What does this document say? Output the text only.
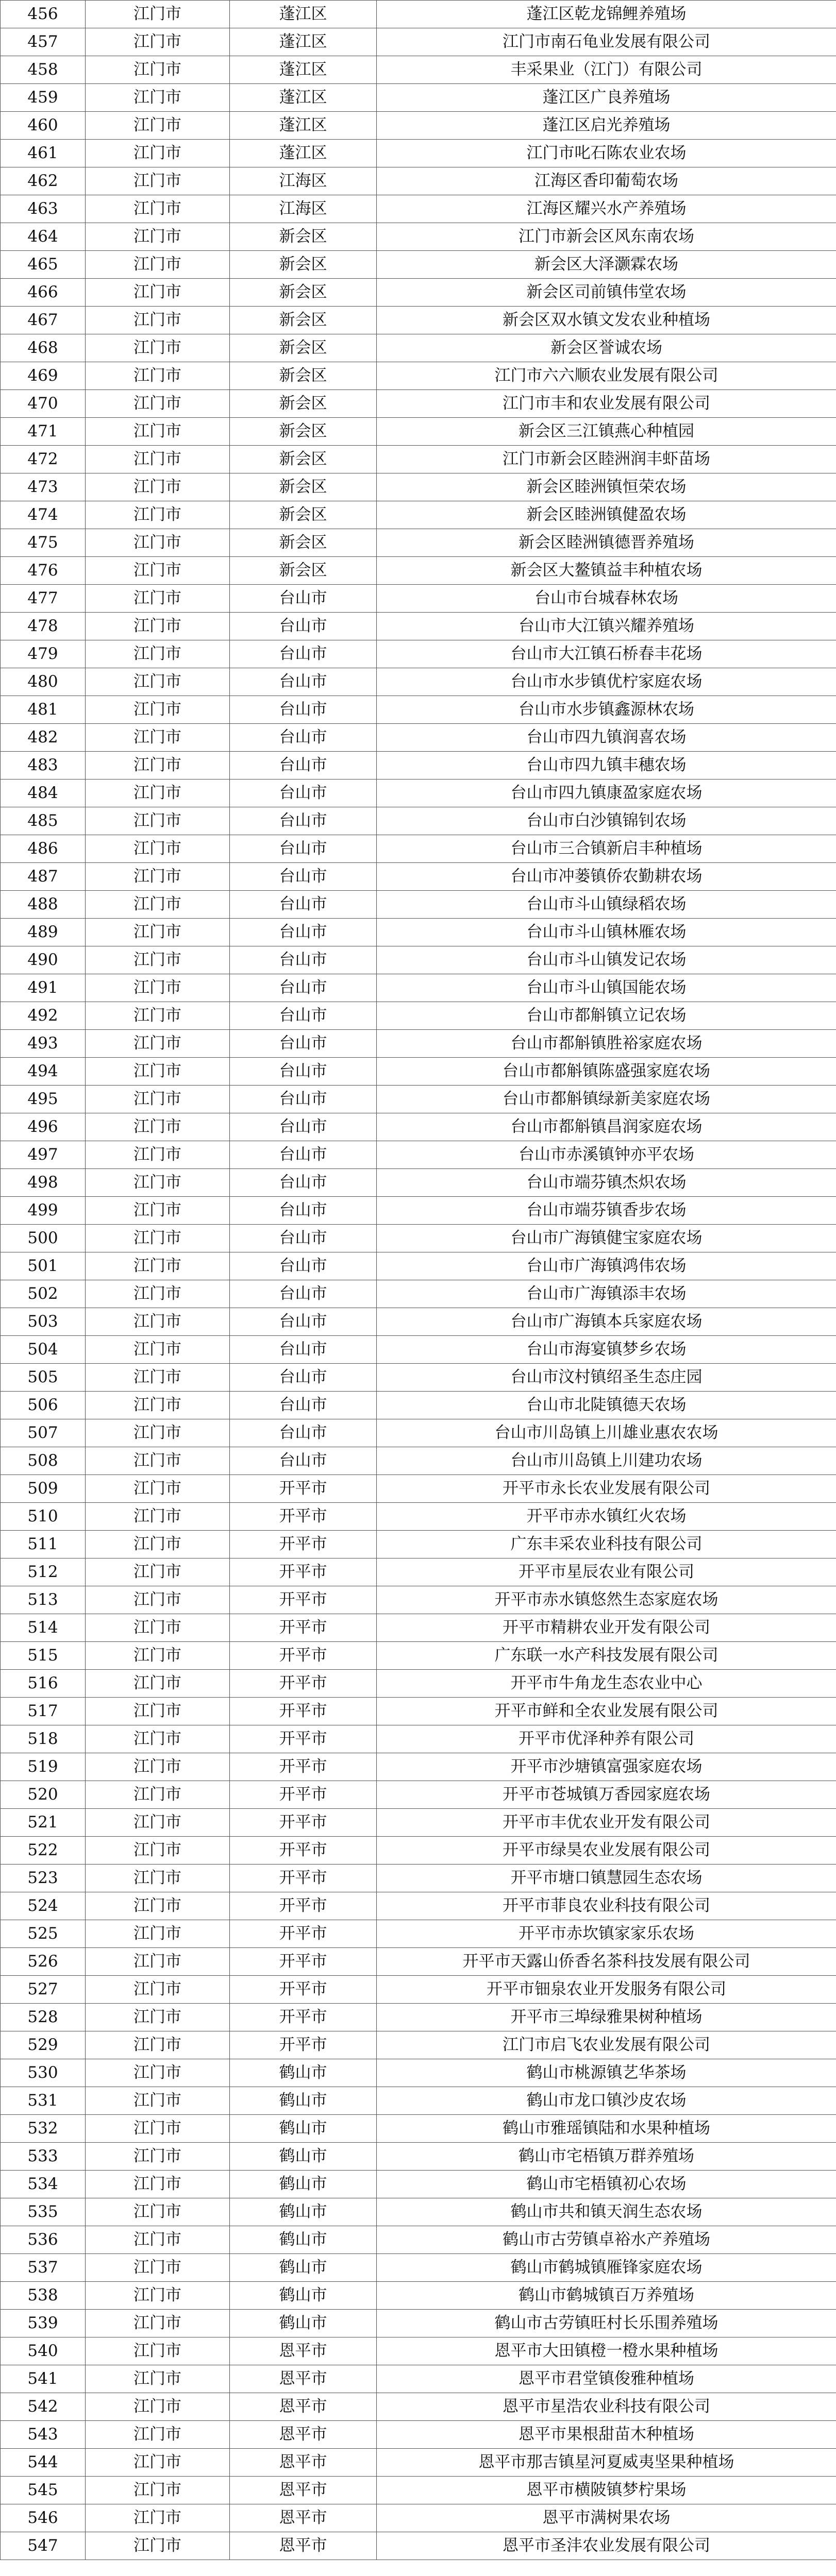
456	江门市	蓬江区	蓬江区乾龙锦鲤养殖场
457	江门市	蓬江区	江门市南石龟业发展有限公司
458	江门市	蓬江区	丰采果业（江门）有限公司
459	江门市	蓬江区	蓬江区广良养殖场
460	江门市	蓬江区	蓬江区启光养殖场
461	江门市	蓬江区	江门市叱石陈农业农场
462	江门市	江海区	江海区香印葡萄农场
463	江门市	江海区	江海区耀兴水产养殖场
464	江门市	新会区	江门市新会区风东南农场
465	江门市	新会区	新会区大泽灏霖农场
466	江门市	新会区	新会区司前镇伟堂农场
467	江门市	新会区	新会区双水镇文发农业种植场
468	江门市	新会区	新会区誉诚农场
469	江门市	新会区	江门市六六顺农业发展有限公司
470	江门市	新会区	江门市丰和农业发展有限公司
471	江门市	新会区	新会区三江镇燕心种植园
472	江门市	新会区	江门市新会区睦洲润丰虾苗场
473	江门市	新会区	新会区睦洲镇恒荣农场
474	江门市	新会区	新会区睦洲镇健盈农场
475	江门市	新会区	新会区睦洲镇德晋养殖场
476	江门市	新会区	新会区大鳌镇益丰种植农场
477	江门市	台山市	台山市台城春林农场
478	江门市	台山市	台山市大江镇兴耀养殖场
479	江门市	台山市	台山市大江镇石桥春丰花场
480	江门市	台山市	台山市水步镇优柠家庭农场
481	江门市	台山市	台山市水步镇鑫源林农场
482	江门市	台山市	台山市四九镇润喜农场
483	江门市	台山市	台山市四九镇丰穗农场
484	江门市	台山市	台山市四九镇康盈家庭农场
485	江门市	台山市	台山市白沙镇锦钊农场
486	江门市	台山市	台山市三合镇新启丰种植场
487	江门市	台山市	台山市冲蒌镇侨农勤耕农场
488	江门市	台山市	台山市斗山镇绿稻农场
489	江门市	台山市	台山市斗山镇林雁农场
490	江门市	台山市	台山市斗山镇发记农场
491	江门市	台山市	台山市斗山镇国能农场
492	江门市	台山市	台山市都斛镇立记农场
493	江门市	台山市	台山市都斛镇胜裕家庭农场
494	江门市	台山市	台山市都斛镇陈盛强家庭农场
495	江门市	台山市	台山市都斛镇绿新美家庭农场
496	江门市	台山市	台山市都斛镇昌润家庭农场
497	江门市	台山市	台山市赤溪镇钟亦平农场
498	江门市	台山市	台山市端芬镇杰炽农场
499	江门市	台山市	台山市端芬镇香步农场
500	江门市	台山市	台山市广海镇健宝家庭农场
501	江门市	台山市	台山市广海镇鸿伟农场
502	江门市	台山市	台山市广海镇添丰农场
503	江门市	台山市	台山市广海镇本兵家庭农场
504	江门市	台山市	台山市海宴镇梦乡农场
505	江门市	台山市	台山市汶村镇绍圣生态庄园
506	江门市	台山市	台山市北陡镇德天农场
507	江门市	台山市	台山市川岛镇上川雄业惠农农场
508	江门市	台山市	台山市川岛镇上川建功农场
509	江门市	开平市	开平市永长农业发展有限公司
510	江门市	开平市	开平市赤水镇红火农场
511	江门市	开平市	广东丰采农业科技有限公司
512	江门市	开平市	开平市星辰农业有限公司
513	江门市	开平市	开平市赤水镇悠然生态家庭农场
514	江门市	开平市	开平市精耕农业开发有限公司
515	江门市	开平市	广东联一水产科技发展有限公司
516	江门市	开平市	开平市牛角龙生态农业中心
517	江门市	开平市	开平市鲜和全农业发展有限公司
518	江门市	开平市	开平市优泽种养有限公司
519	江门市	开平市	开平市沙塘镇富强家庭农场
520	江门市	开平市	开平市苍城镇万香园家庭农场
521	江门市	开平市	开平市丰优农业开发有限公司
522	江门市	开平市	开平市绿昊农业发展有限公司
523	江门市	开平市	开平市塘口镇慧园生态农场
524	江门市	开平市	开平市菲良农业科技有限公司
525	江门市	开平市	开平市赤坎镇家家乐农场
526	江门市	开平市	开平市天露山侨香名茶科技发展有限公司
527	江门市	开平市	开平市钿泉农业开发服务有限公司
528	江门市	开平市	开平市三埠绿雅果树种植场
529	江门市	开平市	江门市启飞农业发展有限公司
530	江门市	鹤山市	鹤山市桃源镇艺华茶场
531	江门市	鹤山市	鹤山市龙口镇沙皮农场
532	江门市	鹤山市	鹤山市雅瑶镇陆和水果种植场
533	江门市	鹤山市	鹤山市宅梧镇万群养殖场
534	江门市	鹤山市	鹤山市宅梧镇初心农场
535	江门市	鹤山市	鹤山市共和镇天润生态农场
536	江门市	鹤山市	鹤山市古劳镇卓裕水产养殖场
537	江门市	鹤山市	鹤山市鹤城镇雁锋家庭农场
538	江门市	鹤山市	鹤山市鹤城镇百万养殖场
539	江门市	鹤山市	鹤山市古劳镇旺村长乐围养殖场
540	江门市	恩平市	恩平市大田镇橙一橙水果种植场
541	江门市	恩平市	恩平市君堂镇俊雅种植场
542	江门市	恩平市	恩平市星浩农业科技有限公司
543	江门市	恩平市	恩平市果根甜苗木种植场
544	江门市	恩平市	恩平市那吉镇星河夏威夷坚果种植场
545	江门市	恩平市	恩平市横陂镇梦柠果场
546	江门市	恩平市	恩平市满树果农场
547	江门市	恩平市	恩平市圣沣农业发展有限公司
